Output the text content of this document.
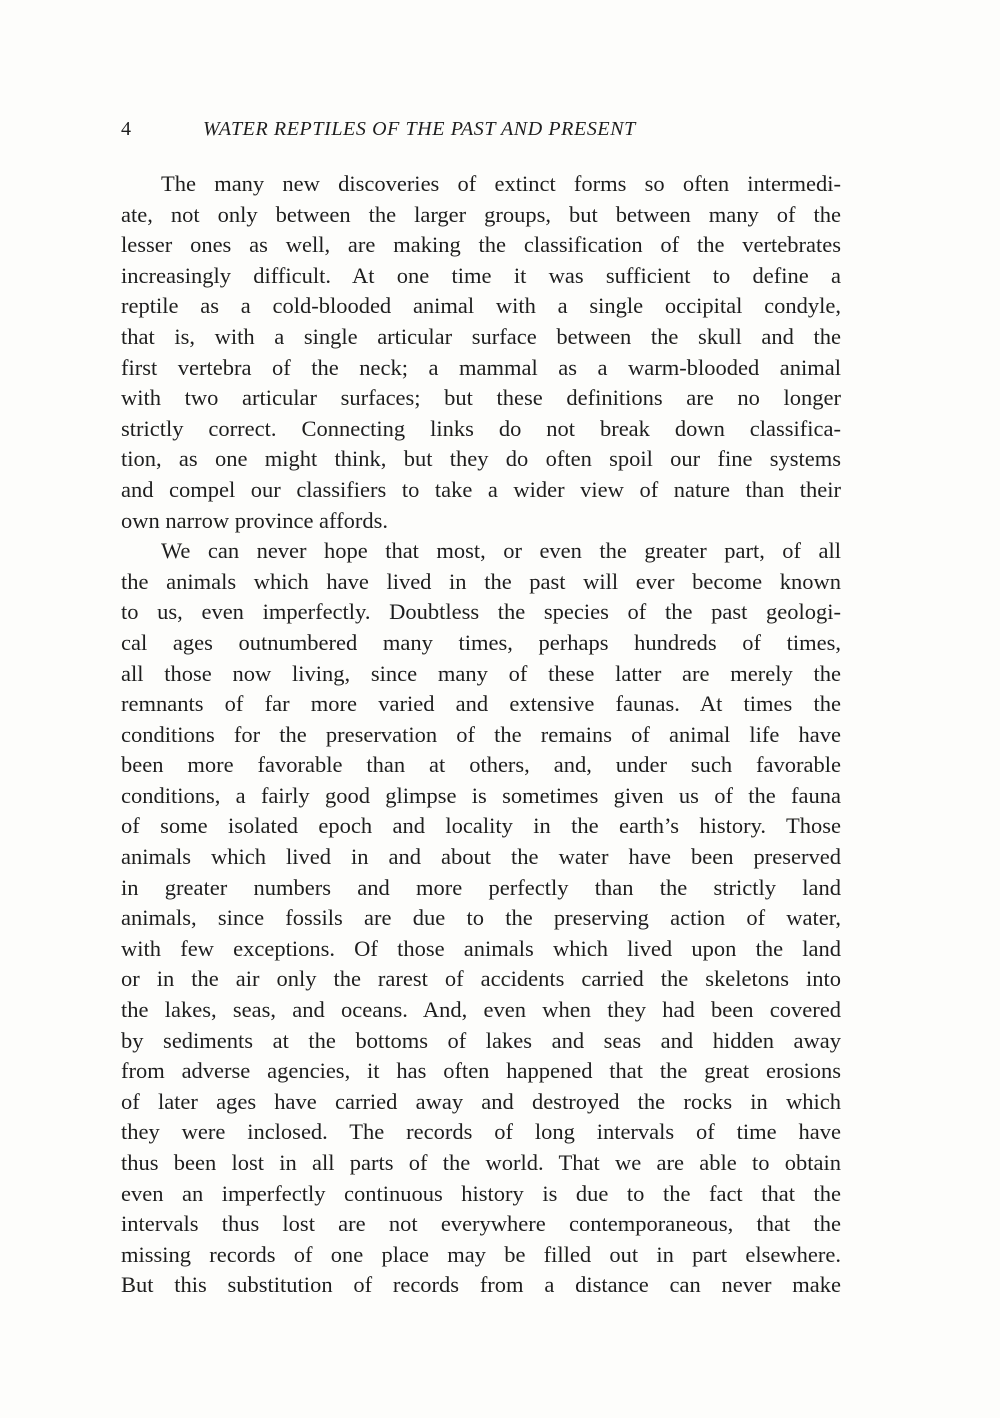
4	WATER REPTILES OF THE PAST AND PRESENT
The many new discoveries of extinct forms so often intermedi-
ate, not only between the larger groups, but between many of the
lesser ones as well, are making the classification of the vertebrates
increasingly difficult. At one time it was sufficient to define a
reptile as a cold-blooded animal with a single occipital condyle,
that is, with a single articular surface between the skull and the
first vertebra of the neck; a mammal as a warm-blooded animal
with two articular surfaces; but these definitions are no longer
strictly correct. Connecting links do not break down classifica-
tion, as one might think, but they do often spoil our fine systems
and compel our classifiers to take a wider view of nature than their
own narrow province affords.
We can never hope that most, or even the greater part, of all
the animals which have lived in the past will ever become known
to us, even imperfectly. Doubtless the species of the past geologi-
cal ages outnumbered many times, perhaps hundreds of times,
all those now living, since many of these latter are merely the
remnants of far more varied and extensive faunas. At times the
conditions for the preservation of the remains of animal life have
been more favorable than at others, and, under such favorable
conditions, a fairly good glimpse is sometimes given us of the fauna
of some isolated epoch and locality in the earth’s history. Those
animals which lived in and about the water have been preserved
in greater numbers and more perfectly than the strictly land
animals, since fossils are due to the preserving action of water,
with few exceptions. Of those animals which lived upon the land
or in the air only the rarest of accidents carried the skeletons into
the lakes, seas, and oceans. And, even when they had been covered
by sediments at the bottoms of lakes and seas and hidden away
from adverse agencies, it has often happened that the great erosions
of later ages have carried away and destroyed the rocks in which
they were inclosed. The records of long intervals of time have
thus been lost in all parts of the world. That we are able to obtain
even an imperfectly continuous history is due to the fact that the
intervals thus lost are not everywhere contemporaneous, that the
missing records of one place may be filled out in part elsewhere.
But this substitution of records from a distance can never make
